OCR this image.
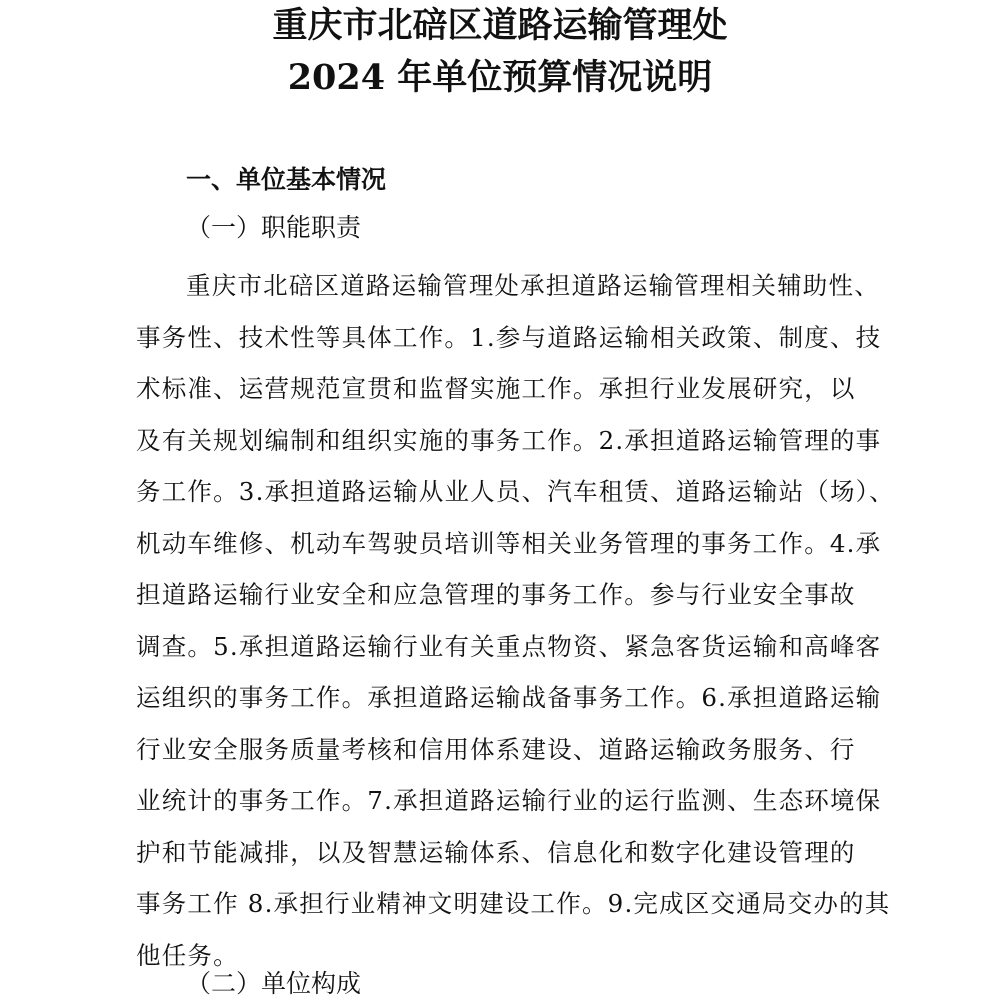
重庆市北碚区道路运输管理处
2024 年单位预算情况说明
一、单位基本情况
（一）职能职责
重庆市北碚区道路运输管理处承担道路运输管理相关辅助性、
事务性、技术性等具体工作。1.参与道路运输相关政策、制度、技
术标准、运营规范宣贯和监督实施工作。承担行业发展研究，以
及有关规划编制和组织实施的事务工作。2.承担道路运输管理的事
务工作。3.承担道路运输从业人员、汽车租赁、道路运输站（场）、
机动车维修、机动车驾驶员培训等相关业务管理的事务工作。4.承
担道路运输行业安全和应急管理的事务工作。参与行业安全事故
调查。5.承担道路运输行业有关重点物资、紧急客货运输和高峰客
运组织的事务工作。承担道路运输战备事务工作。6.承担道路运输
行业安全服务质量考核和信用体系建设、道路运输政务服务、行
业统计的事务工作。7.承担道路运输行业的运行监测、生态环境保
护和节能减排，以及智慧运输体系、信息化和数字化建设管理的
事务工作 8.承担行业精神文明建设工作。9.完成区交通局交办的其
他任务。
（二）单位构成
